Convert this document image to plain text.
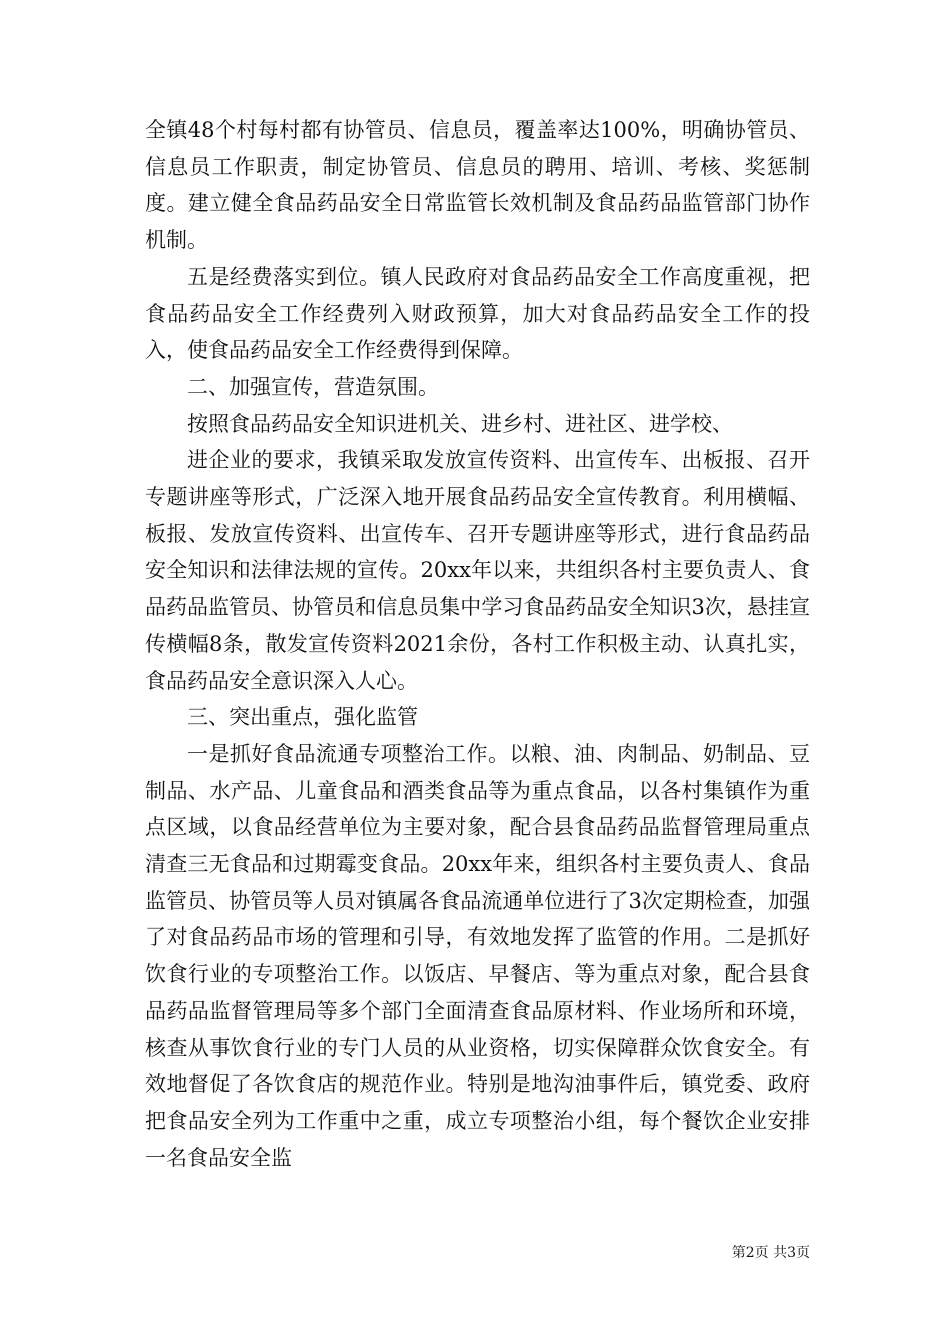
全镇48个村每村都有协管员、信息员，覆盖率达100%，明确协管员、信息员工作职责，制定协管员、信息员的聘用、培训、考核、奖惩制度。建立健全食品药品安全日常监管长效机制及食品药品监管部门协作机制。

五是经费落实到位。镇人民政府对食品药品安全工作高度重视，把食品药品安全工作经费列入财政预算，加大对食品药品安全工作的投入，使食品药品安全工作经费得到保障。

二、加强宣传，营造氛围。

按照食品药品安全知识进机关、进乡村、进社区、进学校、

进企业的要求，我镇采取发放宣传资料、出宣传车、出板报、召开专题讲座等形式，广泛深入地开展食品药品安全宣传教育。利用横幅、板报、发放宣传资料、出宣传车、召开专题讲座等形式，进行食品药品安全知识和法律法规的宣传。20xx年以来，共组织各村主要负责人、食品药品监管员、协管员和信息员集中学习食品药品安全知识3次，悬挂宣传横幅8条，散发宣传资料2021余份，各村工作积极主动、认真扎实，食品药品安全意识深入人心。

三、突出重点，强化监管

一是抓好食品流通专项整治工作。以粮、油、肉制品、奶制品、豆制品、水产品、儿童食品和酒类食品等为重点食品，以各村集镇作为重点区域，以食品经营单位为主要对象，配合县食品药品监督管理局重点清查三无食品和过期霉变食品。20xx年来，组织各村主要负责人、食品监管员、协管员等人员对镇属各食品流通单位进行了3次定期检查，加强了对食品药品市场的管理和引导，有效地发挥了监管的作用。二是抓好饮食行业的专项整治工作。以饭店、早餐店、等为重点对象，配合县食品药品监督管理局等多个部门全面清查食品原材料、作业场所和环境，核查从事饮食行业的专门人员的从业资格，切实保障群众饮食安全。有效地督促了各饮食店的规范作业。特别是地沟油事件后，镇党委、政府把食品安全列为工作重中之重，成立专项整治小组，每个餐饮企业安排一名食品安全监

第2页 共3页
